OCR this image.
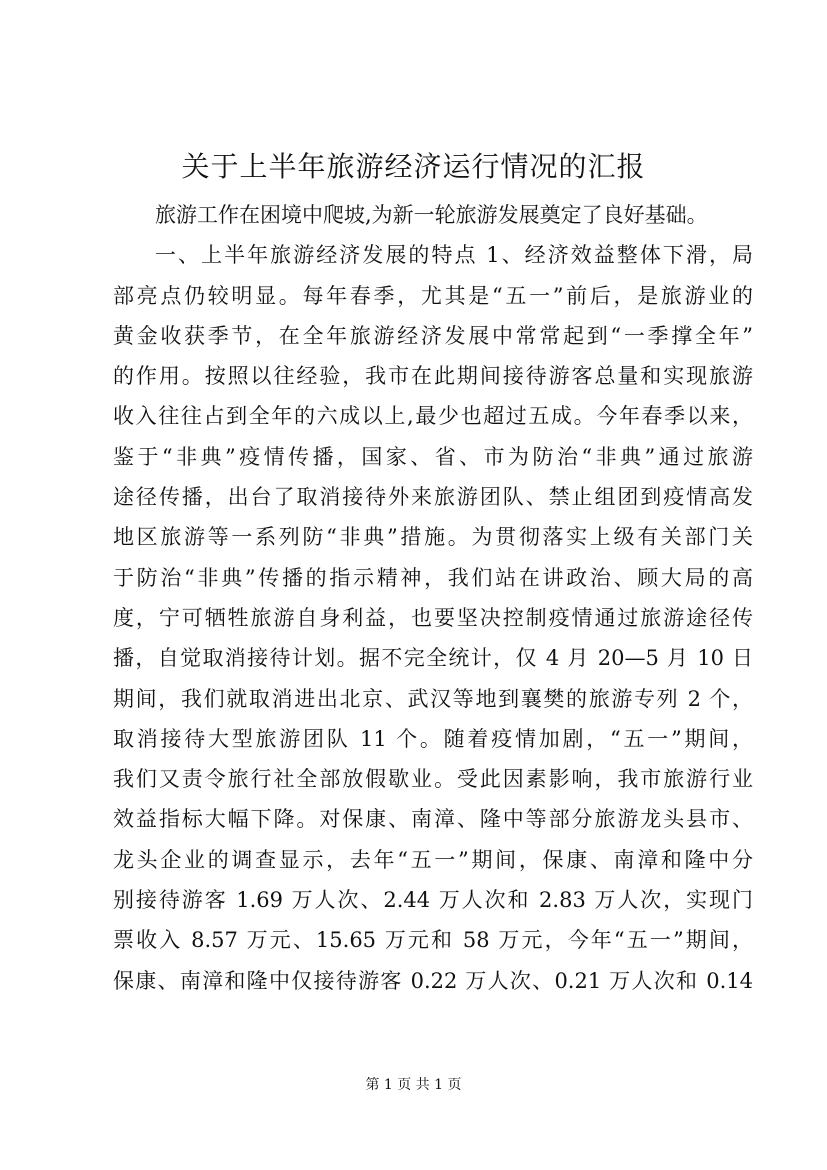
关于上半年旅游经济运行情况的汇报
旅游工作在困境中爬坡,为新一轮旅游发展奠定了良好基础。
一、上半年旅游经济发展的特点 1、经济效益整体下滑，局
部亮点仍较明显。每年春季，尤其是“五一”前后，是旅游业的
黄金收获季节，在全年旅游经济发展中常常起到“一季撑全年”
的作用。按照以往经验，我市在此期间接待游客总量和实现旅游
收入往往占到全年的六成以上,最少也超过五成。今年春季以来，
鉴于“非典”疫情传播，国家、省、市为防治“非典”通过旅游
途径传播，出台了取消接待外来旅游团队、禁止组团到疫情高发
地区旅游等一系列防“非典”措施。为贯彻落实上级有关部门关
于防治“非典”传播的指示精神，我们站在讲政治、顾大局的高
度，宁可牺牲旅游自身利益，也要坚决控制疫情通过旅游途径传
播，自觉取消接待计划。据不完全统计，仅 4 月 20—5 月 10 日
期间，我们就取消进出北京、武汉等地到襄樊的旅游专列 2 个，
取消接待大型旅游团队 11 个。随着疫情加剧，“五一”期间，
我们又责令旅行社全部放假歇业。受此因素影响，我市旅游行业
效益指标大幅下降。对保康、南漳、隆中等部分旅游龙头县市、
龙头企业的调查显示，去年“五一”期间，保康、南漳和隆中分
别接待游客 1.69 万人次、2.44 万人次和 2.83 万人次，实现门
票收入 8.57 万元、15.65 万元和 58 万元，今年“五一”期间，
保康、南漳和隆中仅接待游客 0.22 万人次、0.21 万人次和 0.14
第 1 页 共 1 页
